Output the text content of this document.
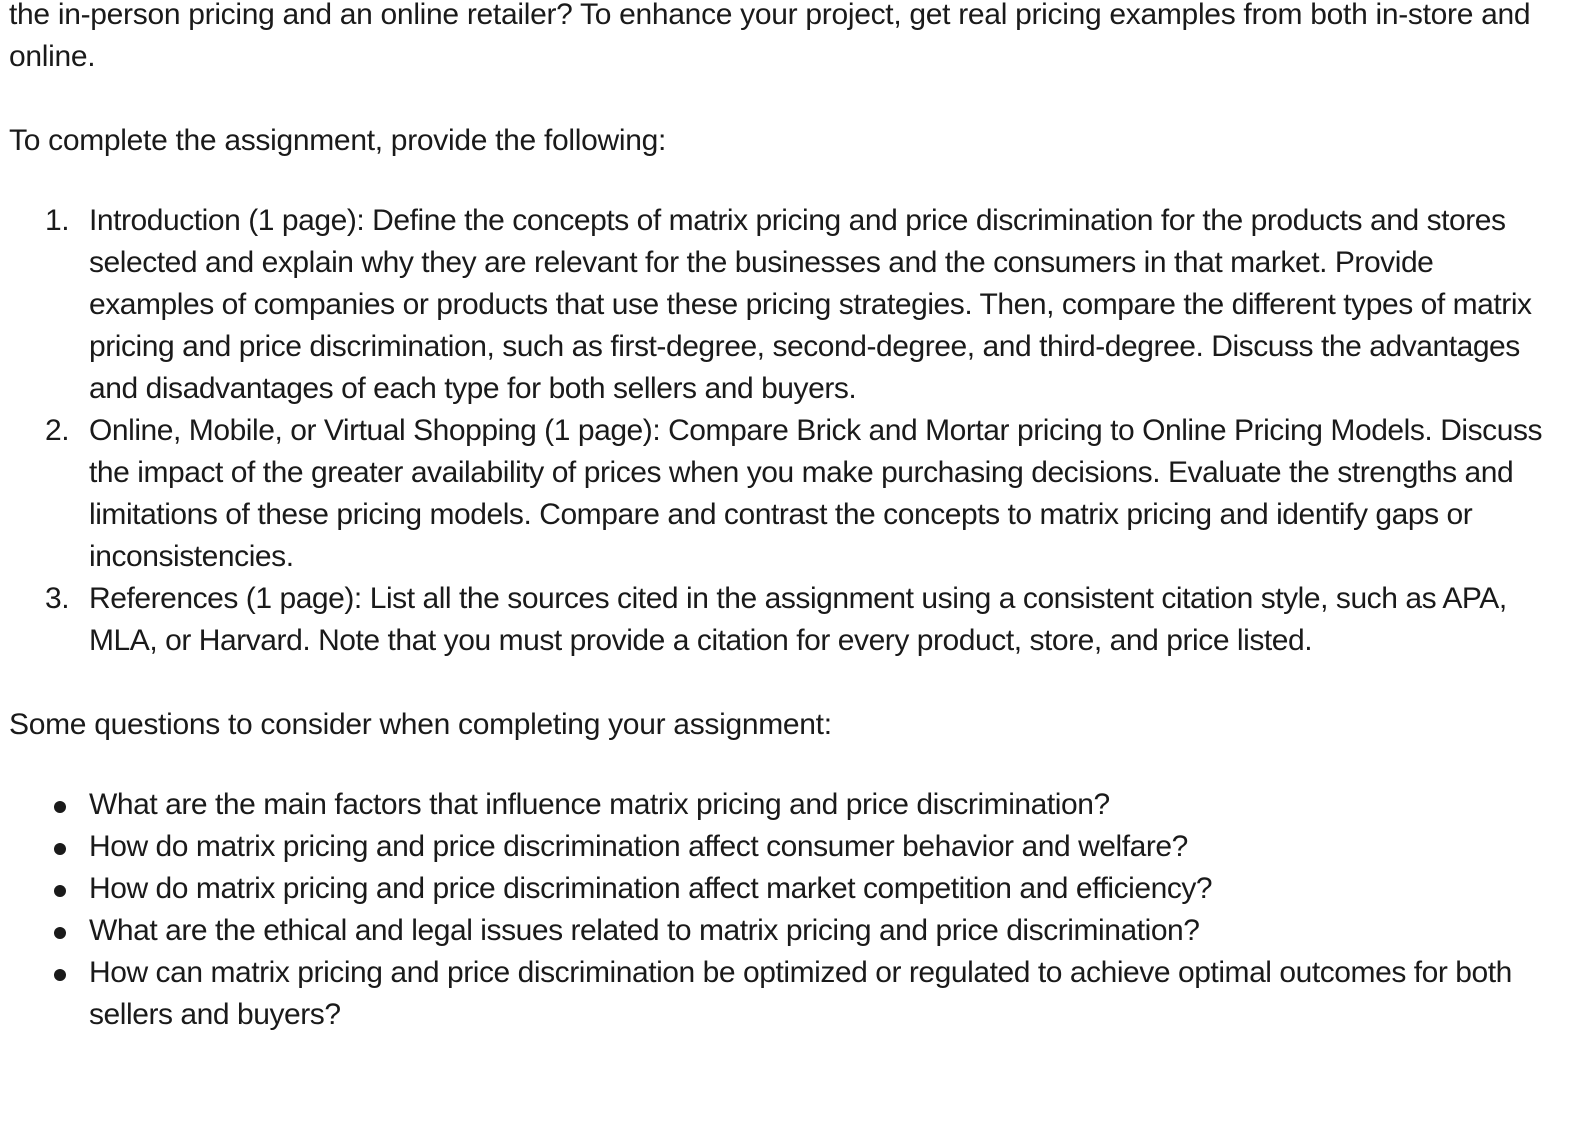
the in-person pricing and an online retailer? To enhance your project, get real pricing examples from both in-store and online.

To complete the assignment, provide the following:

1. Introduction (1 page): Define the concepts of matrix pricing and price discrimination for the products and stores selected and explain why they are relevant for the businesses and the consumers in that market. Provide examples of companies or products that use these pricing strategies. Then, compare the different types of matrix pricing and price discrimination, such as first-degree, second-degree, and third-degree. Discuss the advantages and disadvantages of each type for both sellers and buyers.
2. Online, Mobile, or Virtual Shopping (1 page): Compare Brick and Mortar pricing to Online Pricing Models. Discuss the impact of the greater availability of prices when you make purchasing decisions. Evaluate the strengths and limitations of these pricing models. Compare and contrast the concepts to matrix pricing and identify gaps or inconsistencies.
3. References (1 page): List all the sources cited in the assignment using a consistent citation style, such as APA, MLA, or Harvard. Note that you must provide a citation for every product, store, and price listed.

Some questions to consider when completing your assignment:

What are the main factors that influence matrix pricing and price discrimination?
How do matrix pricing and price discrimination affect consumer behavior and welfare?
How do matrix pricing and price discrimination affect market competition and efficiency?
What are the ethical and legal issues related to matrix pricing and price discrimination?
How can matrix pricing and price discrimination be optimized or regulated to achieve optimal outcomes for both sellers and buyers?
